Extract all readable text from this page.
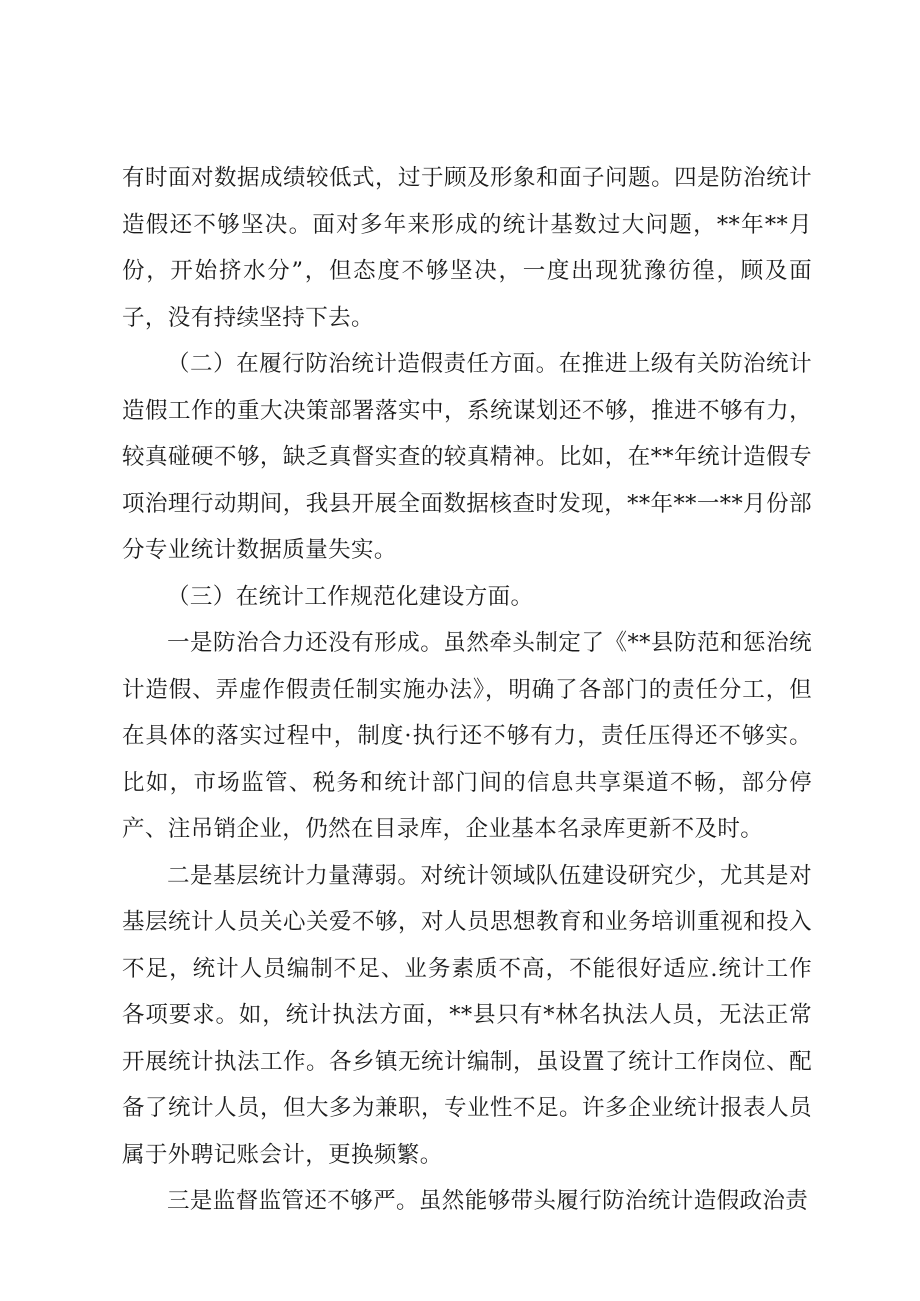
有时面对数据成绩较低式，过于顾及形象和面子问题。四是防治统计造假还不够坚决。面对多年来形成的统计基数过大问题，**年**月份，开始挤水分”，但态度不够坚决，一度出现犹豫彷徨，顾及面子，没有持续坚持下去。

（二）在履行防治统计造假责任方面。在推进上级有关防治统计造假工作的重大决策部署落实中，系统谋划还不够，推进不够有力，较真碰硬不够，缺乏真督实查的较真精神。比如，在**年统计造假专项治理行动期间，我县开展全面数据核查时发现，**年**一**月份部分专业统计数据质量失实。

（三）在统计工作规范化建设方面。

一是防治合力还没有形成。虽然牵头制定了《**县防范和惩治统计造假、弄虚作假责任制实施办法》，明确了各部门的责任分工，但在具体的落实过程中，制度·执行还不够有力，责任压得还不够实。比如，市场监管、税务和统计部门间的信息共享渠道不畅，部分停产、注吊销企业，仍然在目录库，企业基本名录库更新不及时。

二是基层统计力量薄弱。对统计领域队伍建设研究少，尤其是对基层统计人员关心关爱不够，对人员思想教育和业务培训重视和投入不足，统计人员编制不足、业务素质不高，不能很好适应.统计工作各项要求。如，统计执法方面，**县只有*林名执法人员，无法正常开展统计执法工作。各乡镇无统计编制，虽设置了统计工作岗位、配备了统计人员，但大多为兼职，专业性不足。许多企业统计报表人员属于外聘记账会计，更换频繁。

三是监督监管还不够严。虽然能够带头履行防治统计造假政治责
